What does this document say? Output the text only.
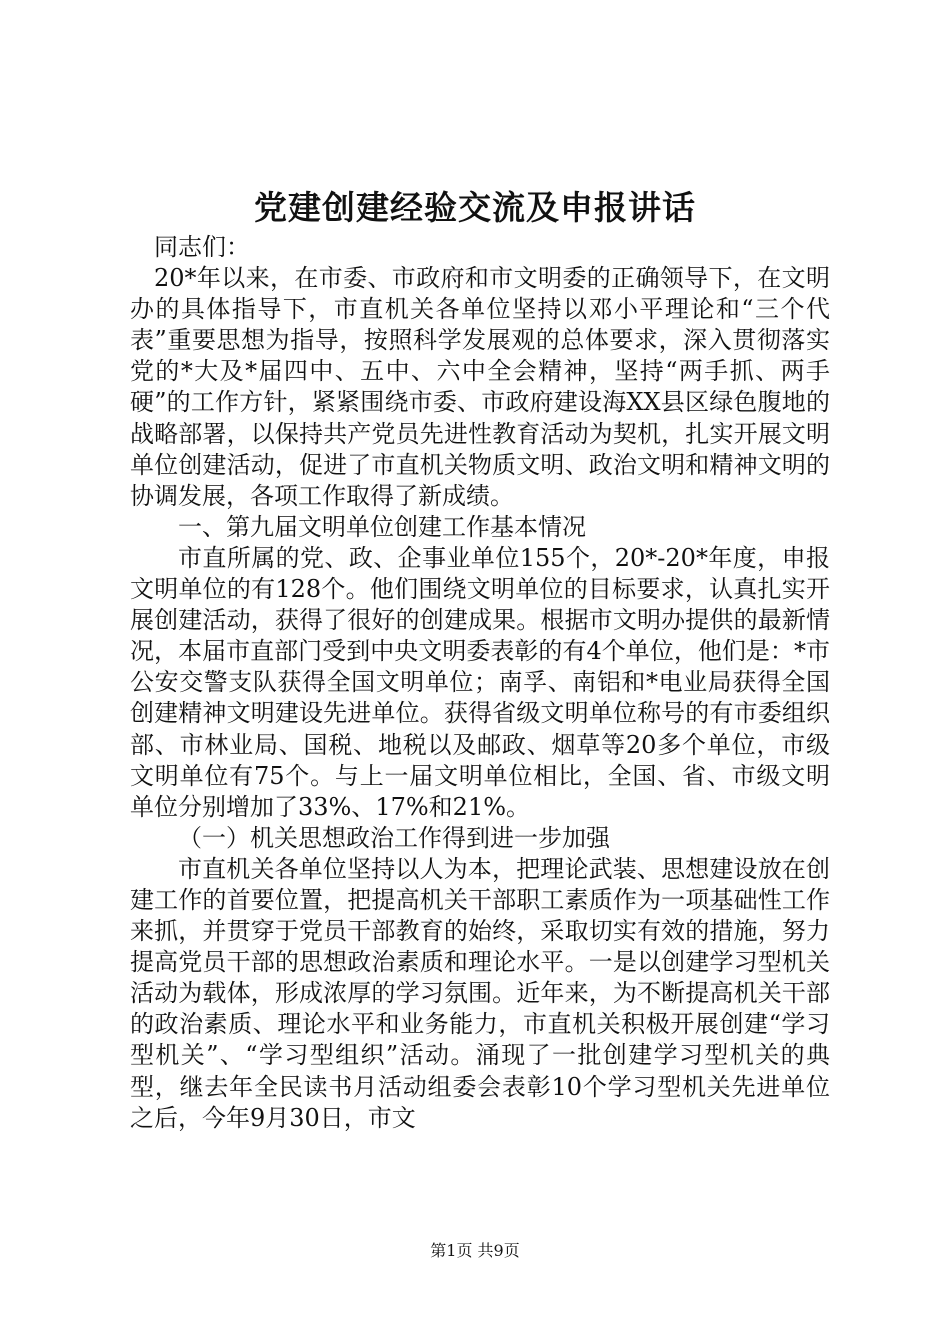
党建创建经验交流及申报讲话

同志们：

20*年以来，在市委、市政府和市文明委的正确领导下，在文明办的具体指导下，市直机关各单位坚持以邓小平理论和“三个代表”重要思想为指导，按照科学发展观的总体要求，深入贯彻落实党的*大及*届四中、五中、六中全会精神，坚持“两手抓、两手硬”的工作方针，紧紧围绕市委、市政府建设海XX县区绿色腹地的战略部署，以保持共产党员先进性教育活动为契机，扎实开展文明单位创建活动，促进了市直机关物质文明、政治文明和精神文明的协调发展，各项工作取得了新成绩。

一、第九届文明单位创建工作基本情况

市直所属的党、政、企事业单位155个，20*-20*年度，申报文明单位的有128个。他们围绕文明单位的目标要求，认真扎实开展创建活动，获得了很好的创建成果。根据市文明办提供的最新情况，本届市直部门受到中央文明委表彰的有4个单位，他们是：*市公安交警支队获得全国文明单位；南孚、南铝和*电业局获得全国创建精神文明建设先进单位。获得省级文明单位称号的有市委组织部、市林业局、国税、地税以及邮政、烟草等20多个单位，市级文明单位有75个。与上一届文明单位相比，全国、省、市级文明单位分别增加了33%、17%和21%。

（一）机关思想政治工作得到进一步加强

市直机关各单位坚持以人为本，把理论武装、思想建设放在创建工作的首要位置，把提高机关干部职工素质作为一项基础性工作来抓，并贯穿于党员干部教育的始终，采取切实有效的措施，努力提高党员干部的思想政治素质和理论水平。一是以创建学习型机关活动为载体，形成浓厚的学习氛围。近年来，为不断提高机关干部的政治素质、理论水平和业务能力，市直机关积极开展创建“学习型机关”、“学习型组织”活动。涌现了一批创建学习型机关的典型，继去年全民读书月活动组委会表彰10个学习型机关先进单位之后，今年9月30日，市文

第1页 共9页
